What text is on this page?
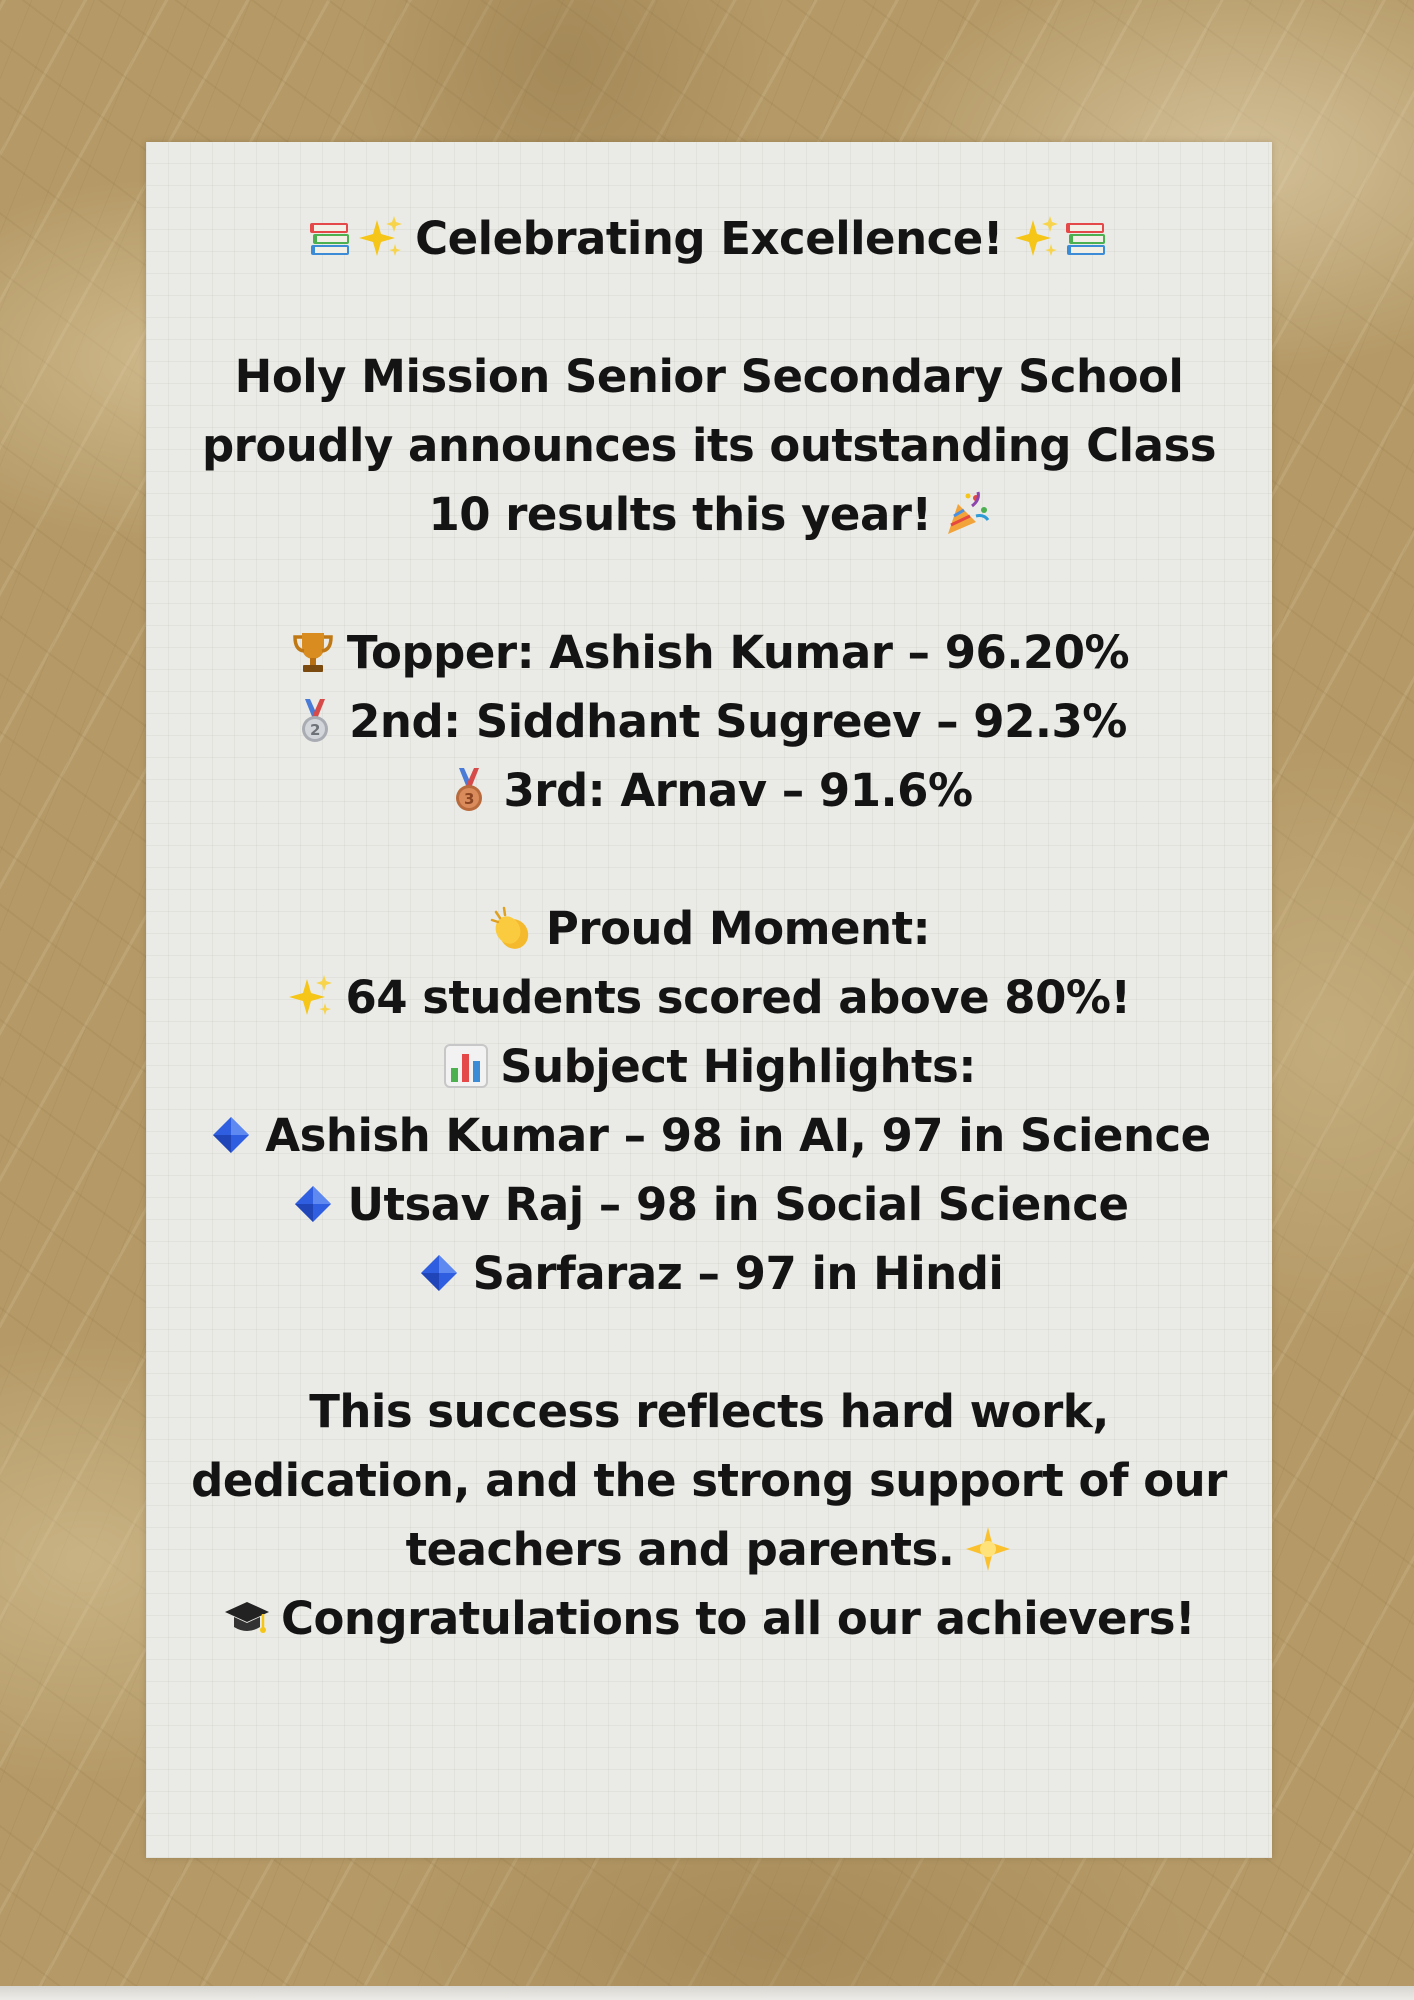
Celebrating Excellence!
Holy Mission Senior Secondary School
proudly announces its outstanding Class
10 results this year!
Topper: Ashish Kumar – 96.20%
2nd: Siddhant Sugreev – 92.3%
3rd: Arnav – 91.6%
Proud Moment:
64 students scored above 80%!
Subject Highlights:
Ashish Kumar – 98 in AI, 97 in Science
Utsav Raj – 98 in Social Science
Sarfaraz – 97 in Hindi
This success reflects hard work,
dedication, and the strong support of our
teachers and parents.
Congratulations to all our achievers!
